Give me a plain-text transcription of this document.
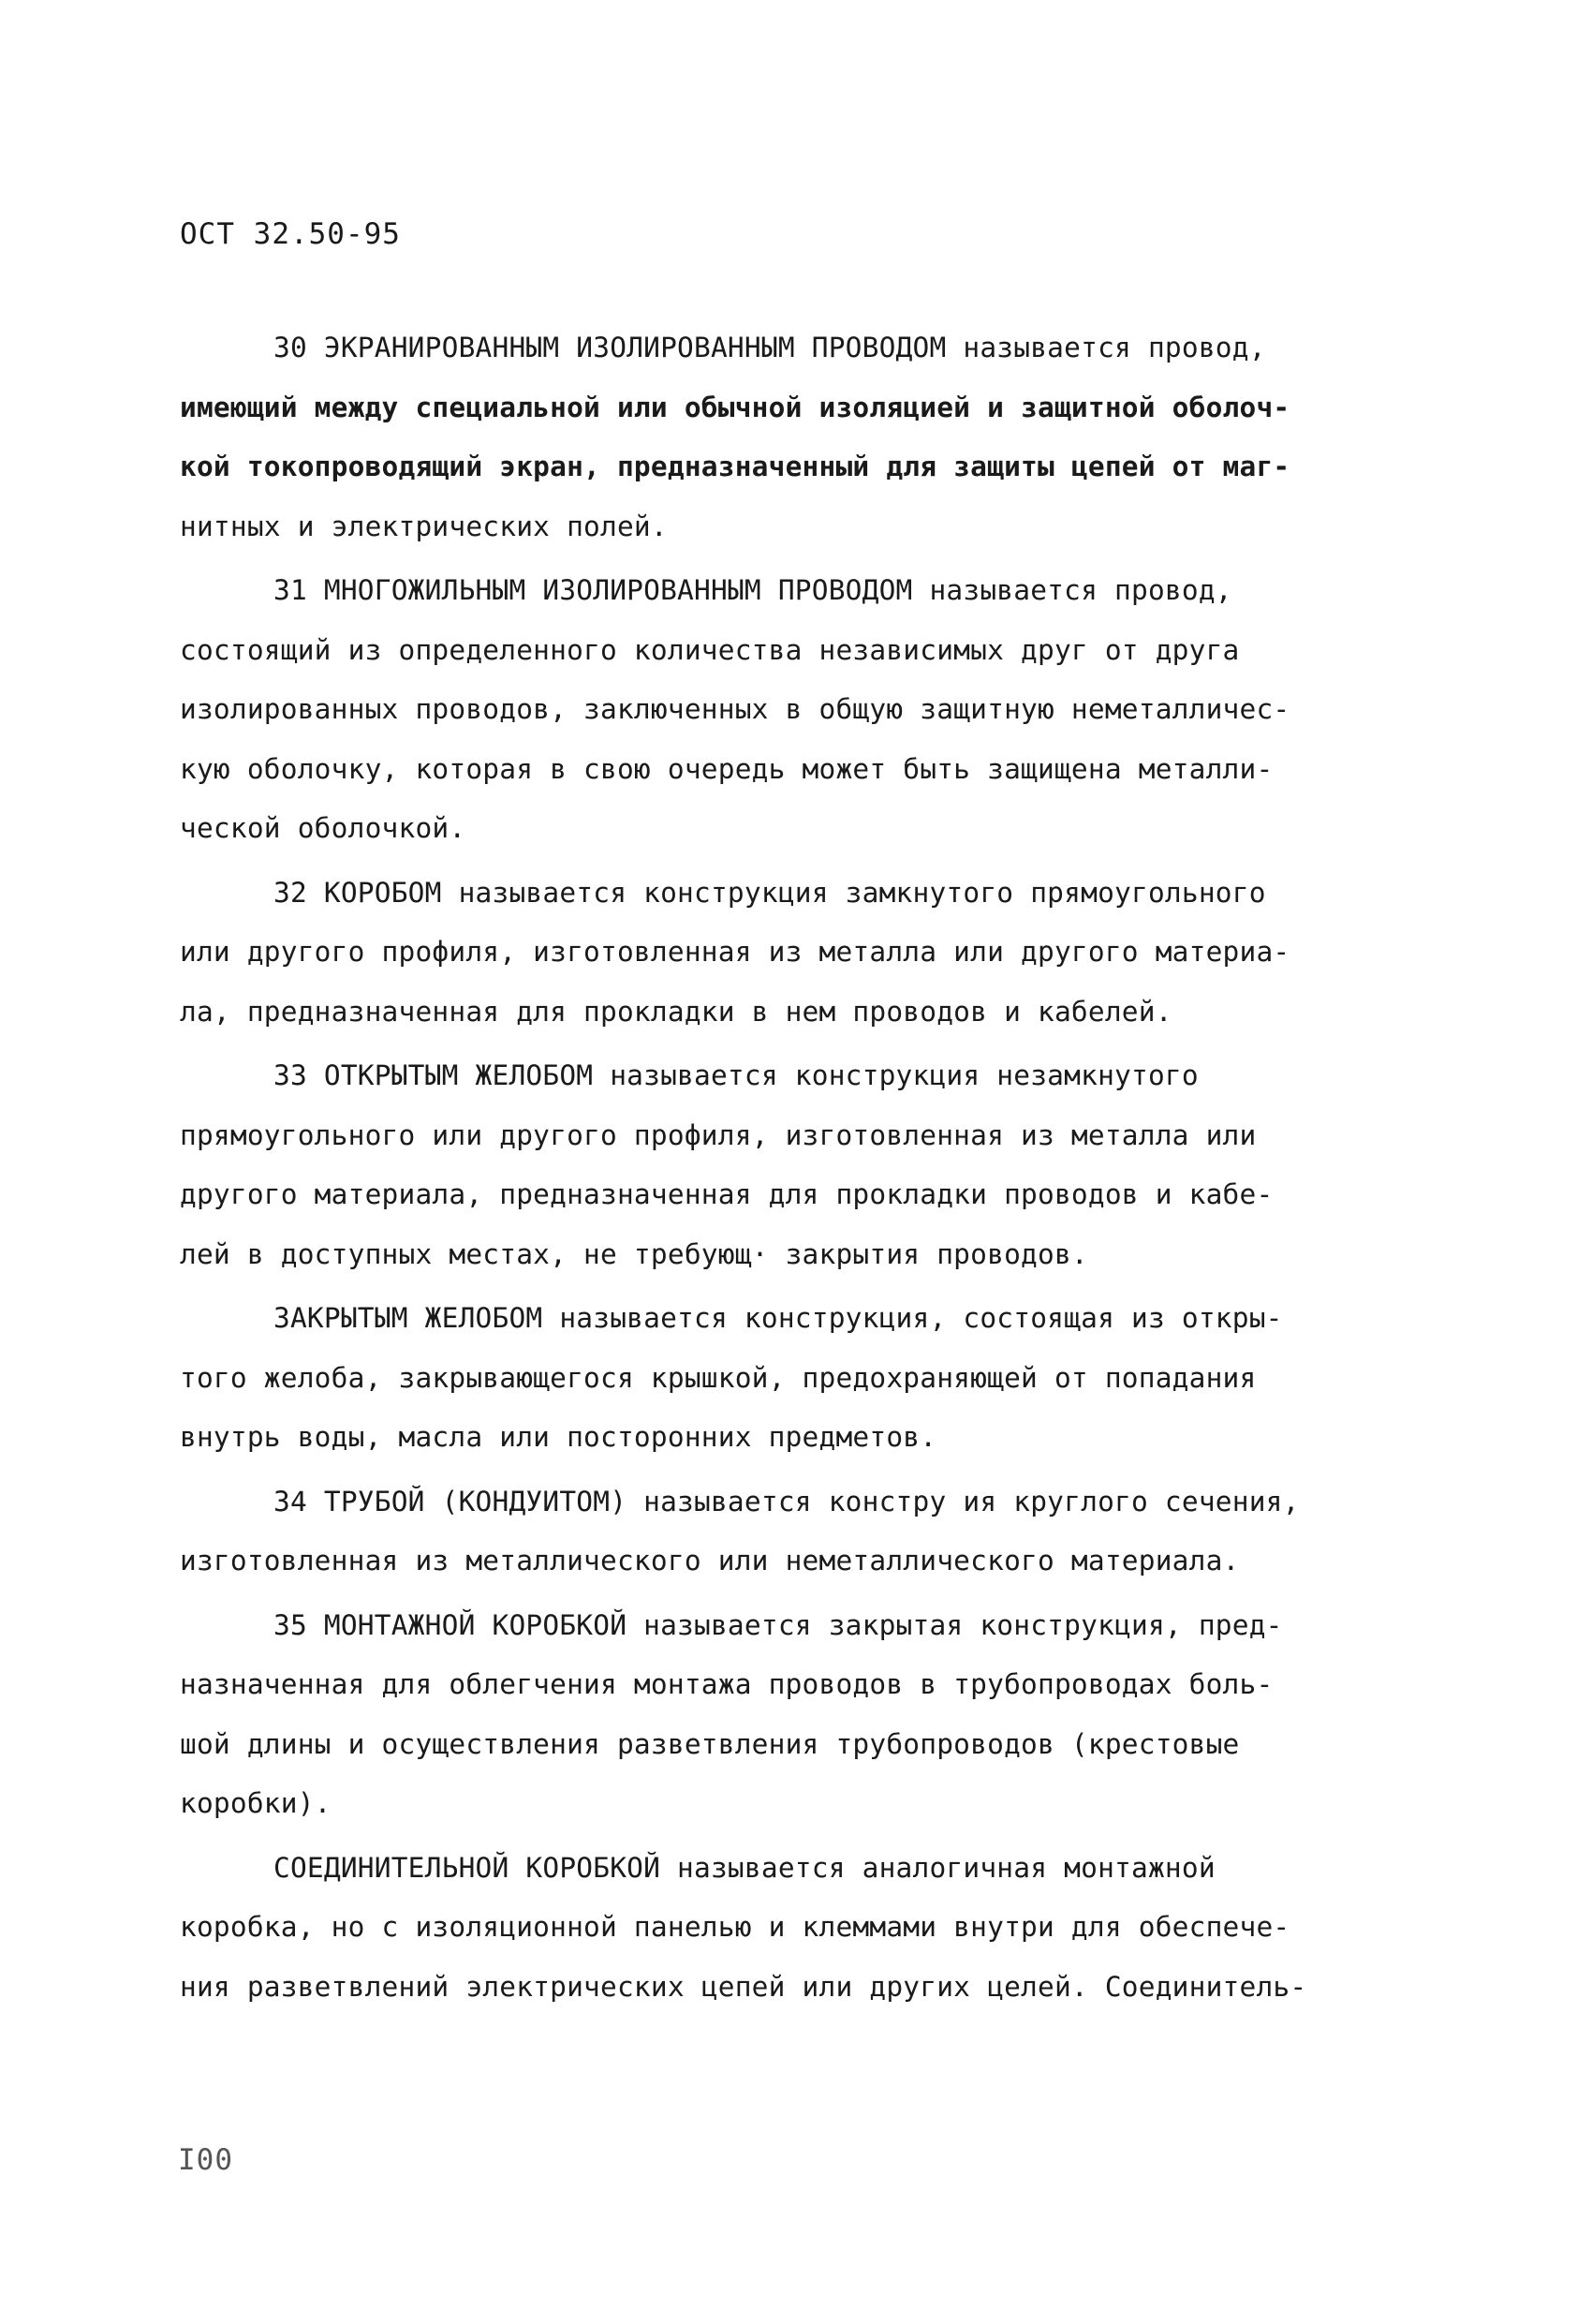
ОСТ 32.50-95
30 ЭКРАНИРОВАННЫМ ИЗОЛИРОВАННЫМ ПРОВОДОМ называется провод,
имеющий между специальной или обычной изоляцией и защитной оболоч-
кой токопроводящий экран, предназначенный для защиты цепей от маг-
нитных и электрических полей.
31 МНОГОЖИЛЬНЫМ ИЗОЛИРОВАННЫМ ПРОВОДОМ называется провод,
состоящий из определенного количества независимых друг от друга
изолированных проводов, заключенных в общую защитную неметалличес-
кую оболочку, которая в свою очередь может быть защищена металли-
ческой оболочкой.
32 КОРОБОМ называется конструкция замкнутого прямоугольного
или другого профиля, изготовленная из металла или другого материа-
ла, предназначенная для прокладки в нем проводов и кабелей.
33 ОТКРЫТЫМ ЖЕЛОБОМ называется конструкция незамкнутого
прямоугольного или другого профиля, изготовленная из металла или
другого материала, предназначенная для прокладки проводов и кабе-
лей в доступных местах, не требующ· закрытия проводов.
ЗАКРЫТЫМ ЖЕЛОБОМ называется конструкция, состоящая из откры-
того желоба, закрывающегося крышкой, предохраняющей от попадания
внутрь воды, масла или посторонних предметов.
34 ТРУБОЙ (КОНДУИТОМ) называется констру ия круглого сечения,
изготовленная из металлического или неметаллического материала.
35 МОНТАЖНОЙ КОРОБКОЙ называется закрытая конструкция, пред-
назначенная для облегчения монтажа проводов в трубопроводах боль-
шой длины и осуществления разветвления трубопроводов (крестовые
коробки).
СОЕДИНИТЕЛЬНОЙ КОРОБКОЙ называется аналогичная монтажной
коробка, но с изоляционной панелью и клеммами внутри для обеспече-
ния разветвлений электрических цепей или других целей. Соединитель-
I00
